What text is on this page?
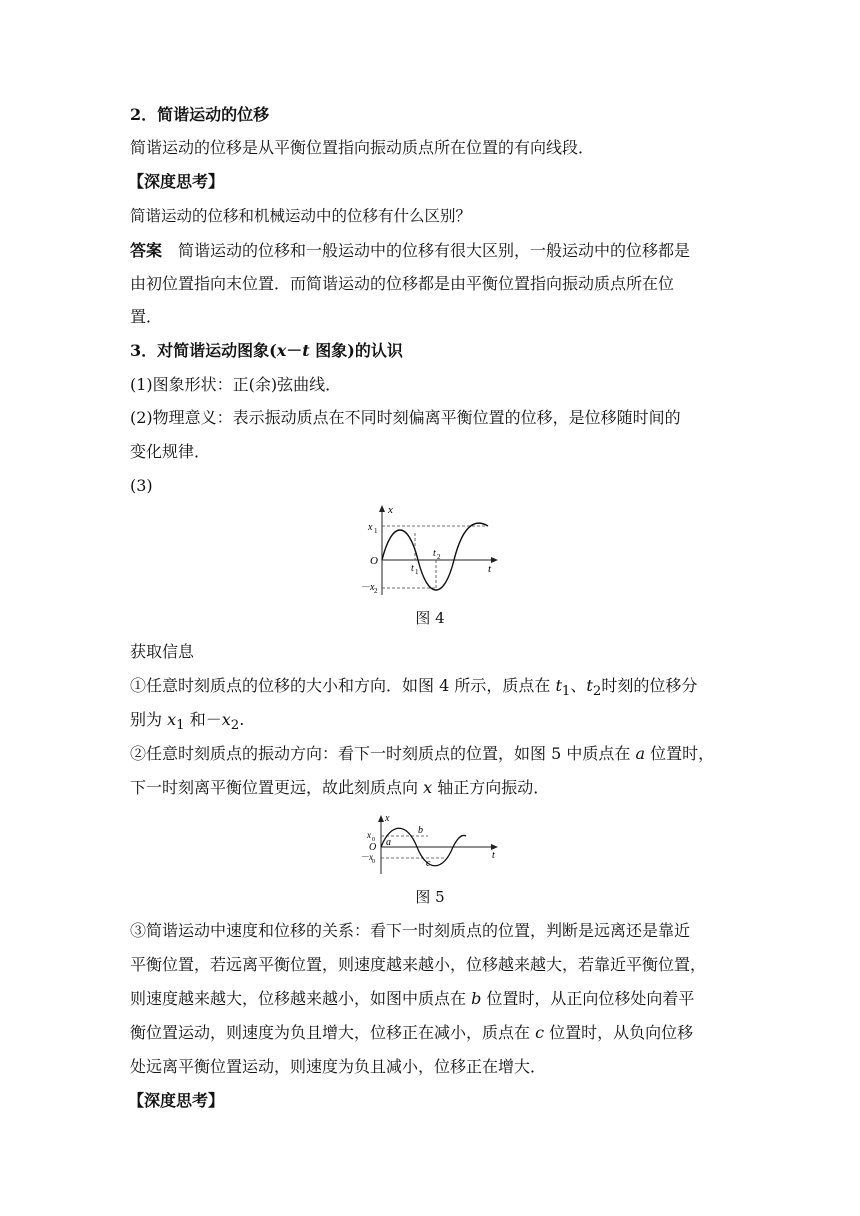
2．简谐运动的位移
简谐运动的位移是从平衡位置指向振动质点所在位置的有向线段．
【深度思考】
简谐运动的位移和机械运动中的位移有什么区别？
答案 简谐运动的位移和一般运动中的位移有很大区别，一般运动中的位移都是
由初位置指向末位置．而简谐运动的位移都是由平衡位置指向振动质点所在位
置．
3．对简谐运动图象(x－t 图象)的认识
(1)图象形状：正(余)弦曲线．
(2)物理意义：表示振动质点在不同时刻偏离平衡位置的位移，是位移随时间的
变化规律．
(3)
x
x 1
O
t
t 1
t 2
－x 2
图 4
获取信息
①任意时刻质点的位移的大小和方向．如图 4 所示，质点在 $t_1$、$t_2$时刻的位移分
别为 $x_1$ 和$-x_2$.
②任意时刻质点的振动方向：看下一时刻质点的位置，如图 5 中质点在 a 位置时，
下一时刻离平衡位置更远，故此刻质点向 x 轴正方向振动．
x
x 0
O
－x 0
t
a
b
c
图 5
③简谐运动中速度和位移的关系：看下一时刻质点的位置，判断是远离还是靠近
平衡位置，若远离平衡位置，则速度越来越小，位移越来越大，若靠近平衡位置，
则速度越来越大，位移越来越小，如图中质点在 b 位置时，从正向位移处向着平
衡位置运动，则速度为负且增大，位移正在减小，质点在 c 位置时，从负向位移
处远离平衡位置运动，则速度为负且减小，位移正在增大．
【深度思考】
